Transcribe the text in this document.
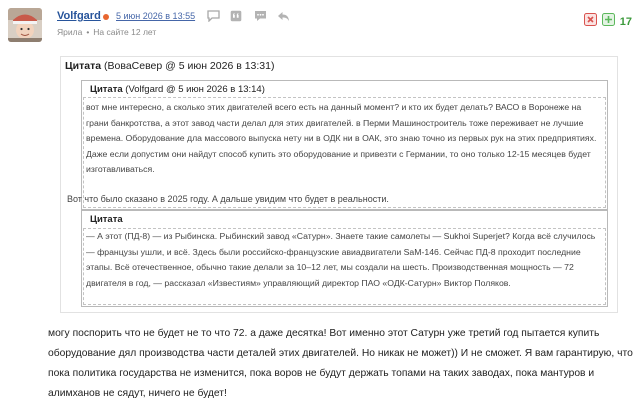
Volfgard 5 июн 2026 в 13:55
Ярила • На сайте 12 лет
17
Цитата (ВоваСевер @ 5 июн 2026 в 13:31)
Цитата (Volfgard @ 5 июн 2026 в 13:14)
вот мне интересно, а сколько этих двигателей всего есть на данный момент? и кто их будет делать? ВАСО в Воронеже на грани банкротства, а этот завод части делал для этих двигателей. в Перми Машиностроитель тоже переживает не лучшие времена. Оборудование дла массового выпуска нету ни в ОДК ни в ОАК, это знаю точно из первых рук на этих предприятиях. Даже если допустим они найдут способ купить это оборудование и привезти с Германии, то оно только 12-15 месяцев будет изготавливаться.
Вот что было сказано в 2025 году. А дальше увидим что будет в реальности.
Цитата
— А этот (ПД-8) — из Рыбинска. Рыбинский завод «Сатурн». Знаете такие самолеты — Sukhoi Superjet? Когда всё случилось — французы ушли, и всё. Здесь были российско-французские авиадвигатели SaM-146. Сейчас ПД-8 проходит последние этапы. Всё отечественное, обычно такие делали за 10–12 лет, мы создали на шесть. Производственная мощность — 72 двигателя в год, — рассказал «Известиям» управляющий директор ПАО «ОДК-Сатурн» Виктор Поляков.
могу поспорить что не будет не то что 72. а даже десятка! Вот именно этот Сатурн уже третий год пытается купить оборудование дял производства части деталей этих двигателей. Но никак не может)) И не сможет. Я вам гарантирую, что пока политика государства не изменится, пока воров не будут держать топами на таких заводах, пока мантуров и алимханов не сядут, ничего не будет!
